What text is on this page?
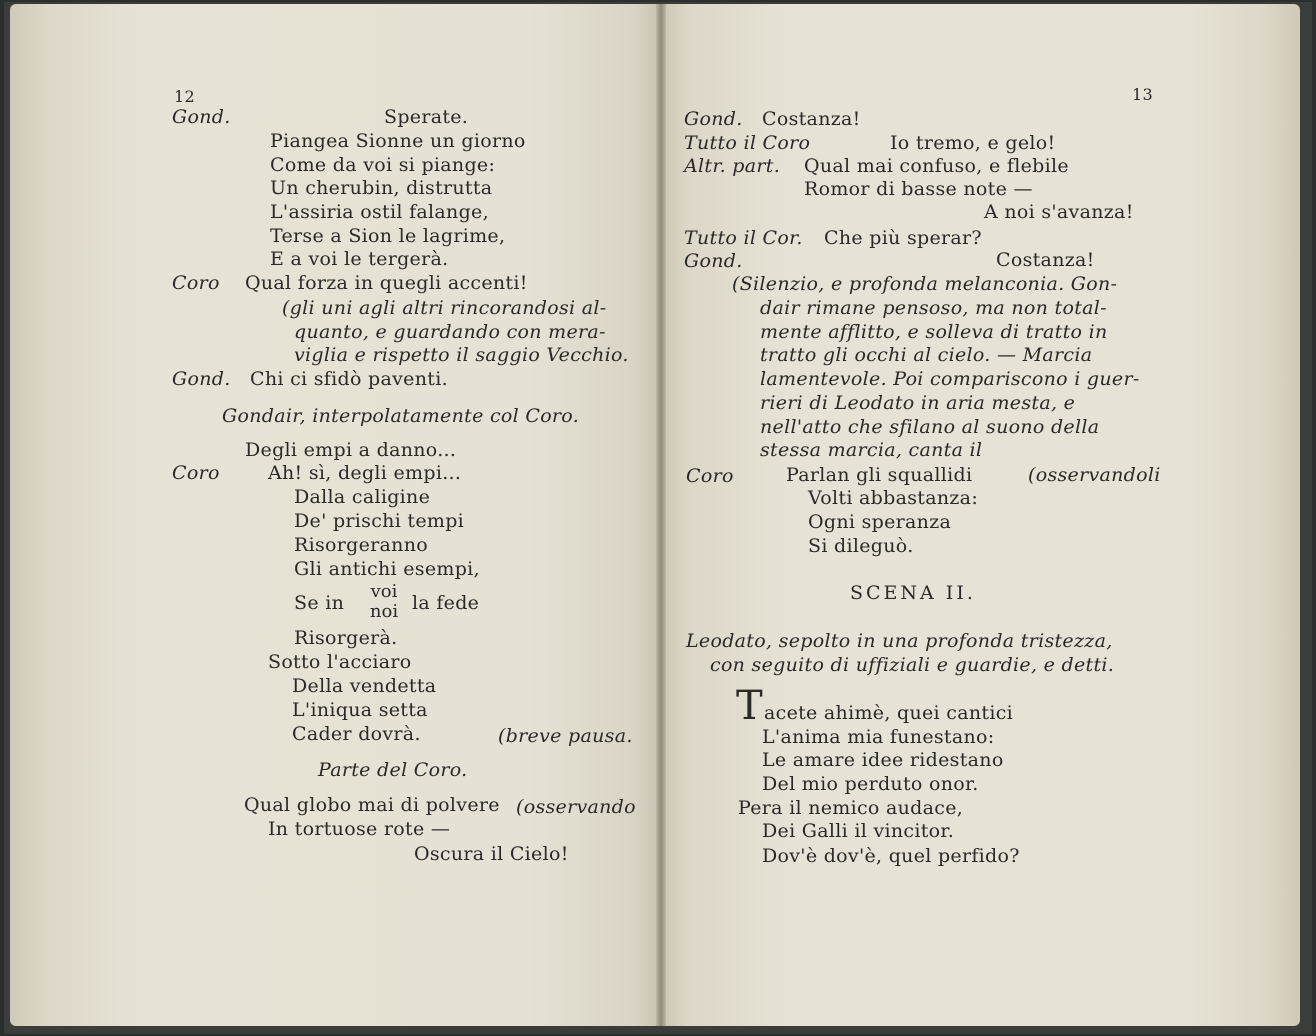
12
Gond.	Sperate.
Piangea Sionne un giorno
Come da voi si piange:
Un cherubin, distrutta
L'assiria ostil falange,
Terse a Sion le lagrime,
E a voi le tergerà.
Coro Qual forza in quegli accenti!
(gli uni agli altri rincorandosi al-
quanto, e guardando con mera-
viglia e rispetto il saggio Vecchio.
Gond. Chi ci sfidò paventi.
Gondair, interpolatamente col Coro.
Degli empi a danno...
Coro	Ah! sì, degli empi...
Dalla caligine
De' prischi tempi
Risorgeranno
Gli antichi esempi,
Se in
voi
noi la fede
Risorgerà.
Sotto l'acciaro
Della vendetta
L'iniqua setta
Cader dovrà.	(breve pausa.
Parte del Coro.
Qual globo mai di polvere (osservando
In tortuose rote —
Oscura il Cielo!
13
Gond. Costanza!
Tutto il Coro	Io tremo, e gelo!
Altr. part. Qual mai confuso, e flebile
Romor di basse note —
A noi s'avanza!
Tutto il Cor. Che più sperar?
Gond.	Costanza!
(Silenzio, e profonda melanconia. Gon-
dair rimane pensoso, ma non total-
mente afflitto, e solleva di tratto in
tratto gli occhi al cielo. — Marcia
lamentevole. Poi compariscono i guer-
rieri di Leodato in aria mesta, e
nell'atto che sfilano al suono della
stessa marcia, canta il
Coro	Parlan gli squallidi	(osservandoli
Volti abbastanza:
Ogni speranza
Si dileguò.
SCENA II.
Leodato, sepolto in una profonda tristezza,
con seguito di uffiziali e guardie, e detti.
T acete ahimè, quei cantici
L'anima mia funestano:
Le amare idee ridestano
Del mio perduto onor.
Pera il nemico audace,
Dei Galli il vincitor.
Dov'è dov'è, quel perfido?
